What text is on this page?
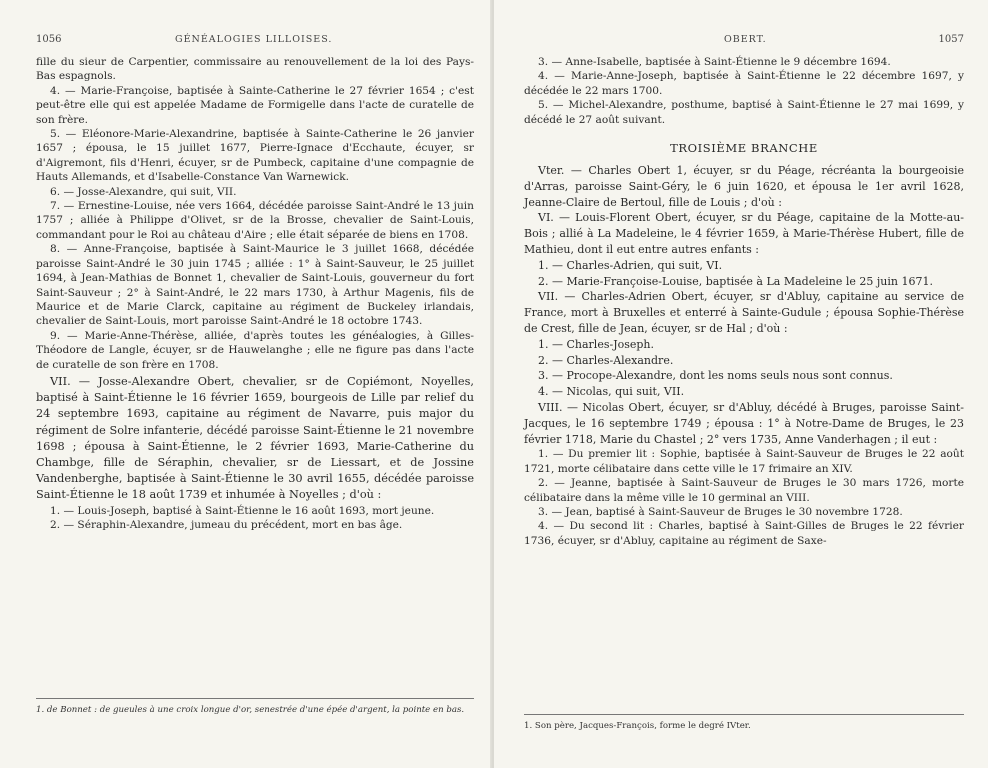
1056	GÉNÉALOGIES LILLOISES.

fille du sieur de Carpentier, commissaire au renouvellement de la loi des Pays-Bas espagnols.

4. — Marie-Françoise, baptisée à Sainte-Catherine le 27 février 1654 ; c'est peut-être elle qui est appelée Madame de Formigelle dans l'acte de curatelle de son frère.

5. — Eléonore-Marie-Alexandrine, baptisée à Sainte-Catherine le 26 janvier 1657 ; épousa, le 15 juillet 1677, Pierre-Ignace d'Ecchaute, écuyer, sr d'Aigremont, fils d'Henri, écuyer, sr de Pumbeck, capitaine d'une compagnie de Hauts Allemands, et d'Isabelle-Constance Van Warnewick.

6. — Josse-Alexandre, qui suit, VII.

7. — Ernestine-Louise, née vers 1664, décédée paroisse Saint-André le 13 juin 1757 ; alliée à Philippe d'Olivet, sr de la Brosse, chevalier de Saint-Louis, commandant pour le Roi au château d'Aire ; elle était séparée de biens en 1708.

8. — Anne-Françoise, baptisée à Saint-Maurice le 3 juillet 1668, décédée paroisse Saint-André le 30 juin 1745 ; alliée : 1° à Saint-Sauveur, le 25 juillet 1694, à Jean-Mathias de Bonnet 1, chevalier de Saint-Louis, gouverneur du fort Saint-Sauveur ; 2° à Saint-André, le 22 mars 1730, à Arthur Magenis, fils de Maurice et de Marie Clarck, capitaine au régiment de Buckeley irlandais, chevalier de Saint-Louis, mort paroisse Saint-André le 18 octobre 1743.

9. — Marie-Anne-Thérèse, alliée, d'après toutes les généalogies, à Gilles-Théodore de Langle, écuyer, sr de Hauwelanghe ; elle ne figure pas dans l'acte de curatelle de son frère en 1708.

VII. — Josse-Alexandre Obert, chevalier, sr de Copiémont, Noyelles, baptisé à Saint-Étienne le 16 février 1659, bourgeois de Lille par relief du 24 septembre 1693, capitaine au régiment de Navarre, puis major du régiment de Solre infanterie, décédé paroisse Saint-Étienne le 21 novembre 1698 ; épousa à Saint-Étienne, le 2 février 1693, Marie-Catherine du Chambge, fille de Séraphin, chevalier, sr de Liessart, et de Jossine Vandenberghe, baptisée à Saint-Étienne le 30 avril 1655, décédée paroisse Saint-Étienne le 18 août 1739 et inhumée à Noyelles ; d'où :

1. — Louis-Joseph, baptisé à Saint-Étienne le 16 août 1693, mort jeune.

2. — Séraphin-Alexandre, jumeau du précédent, mort en bas âge.

1. de Bonnet : de gueules à une croix longue d'or, senestrée d'une épée d'argent, la pointe en bas.
OBERT.	1057

3. — Anne-Isabelle, baptisée à Saint-Étienne le 9 décembre 1694.

4. — Marie-Anne-Joseph, baptisée à Saint-Étienne le 22 décembre 1697, y décédée le 22 mars 1700.

5. — Michel-Alexandre, posthume, baptisé à Saint-Étienne le 27 mai 1699, y décédé le 27 août suivant.

TROISIÈME BRANCHE

Vter. — Charles Obert 1, écuyer, sr du Péage, récréanta la bourgeoisie d'Arras, paroisse Saint-Géry, le 6 juin 1620, et épousa le 1er avril 1628, Jeanne-Claire de Bertoul, fille de Louis ; d'où :

VI. — Louis-Florent Obert, écuyer, sr du Péage, capitaine de la Motte-au-Bois ; allié à La Madeleine, le 4 février 1659, à Marie-Thérèse Hubert, fille de Mathieu, dont il eut entre autres enfants :

1. — Charles-Adrien, qui suit, VI.

2. — Marie-Françoise-Louise, baptisée à La Madeleine le 25 juin 1671.

VII. — Charles-Adrien Obert, écuyer, sr d'Abluy, capitaine au service de France, mort à Bruxelles et enterré à Sainte-Gudule ; épousa Sophie-Thérèse de Crest, fille de Jean, écuyer, sr de Hal ; d'où :

1. — Charles-Joseph.

2. — Charles-Alexandre.

3. — Procope-Alexandre, dont les noms seuls nous sont connus.

4. — Nicolas, qui suit, VII.

VIII. — Nicolas Obert, écuyer, sr d'Abluy, décédé à Bruges, paroisse Saint-Jacques, le 16 septembre 1749 ; épousa : 1° à Notre-Dame de Bruges, le 23 février 1718, Marie du Chastel ; 2° vers 1735, Anne Vanderhagen ; il eut :

1. — Du premier lit : Sophie, baptisée à Saint-Sauveur de Bruges le 22 août 1721, morte célibataire dans cette ville le 17 frimaire an XIV.

2. — Jeanne, baptisée à Saint-Sauveur de Bruges le 30 mars 1726, morte célibataire dans la même ville le 10 germinal an VIII.

3. — Jean, baptisé à Saint-Sauveur de Bruges le 30 novembre 1728.

4. — Du second lit : Charles, baptisé à Saint-Gilles de Bruges le 22 février 1736, écuyer, sr d'Abluy, capitaine au régiment de Saxe-

1. Son père, Jacques-François, forme le degré IVter.
